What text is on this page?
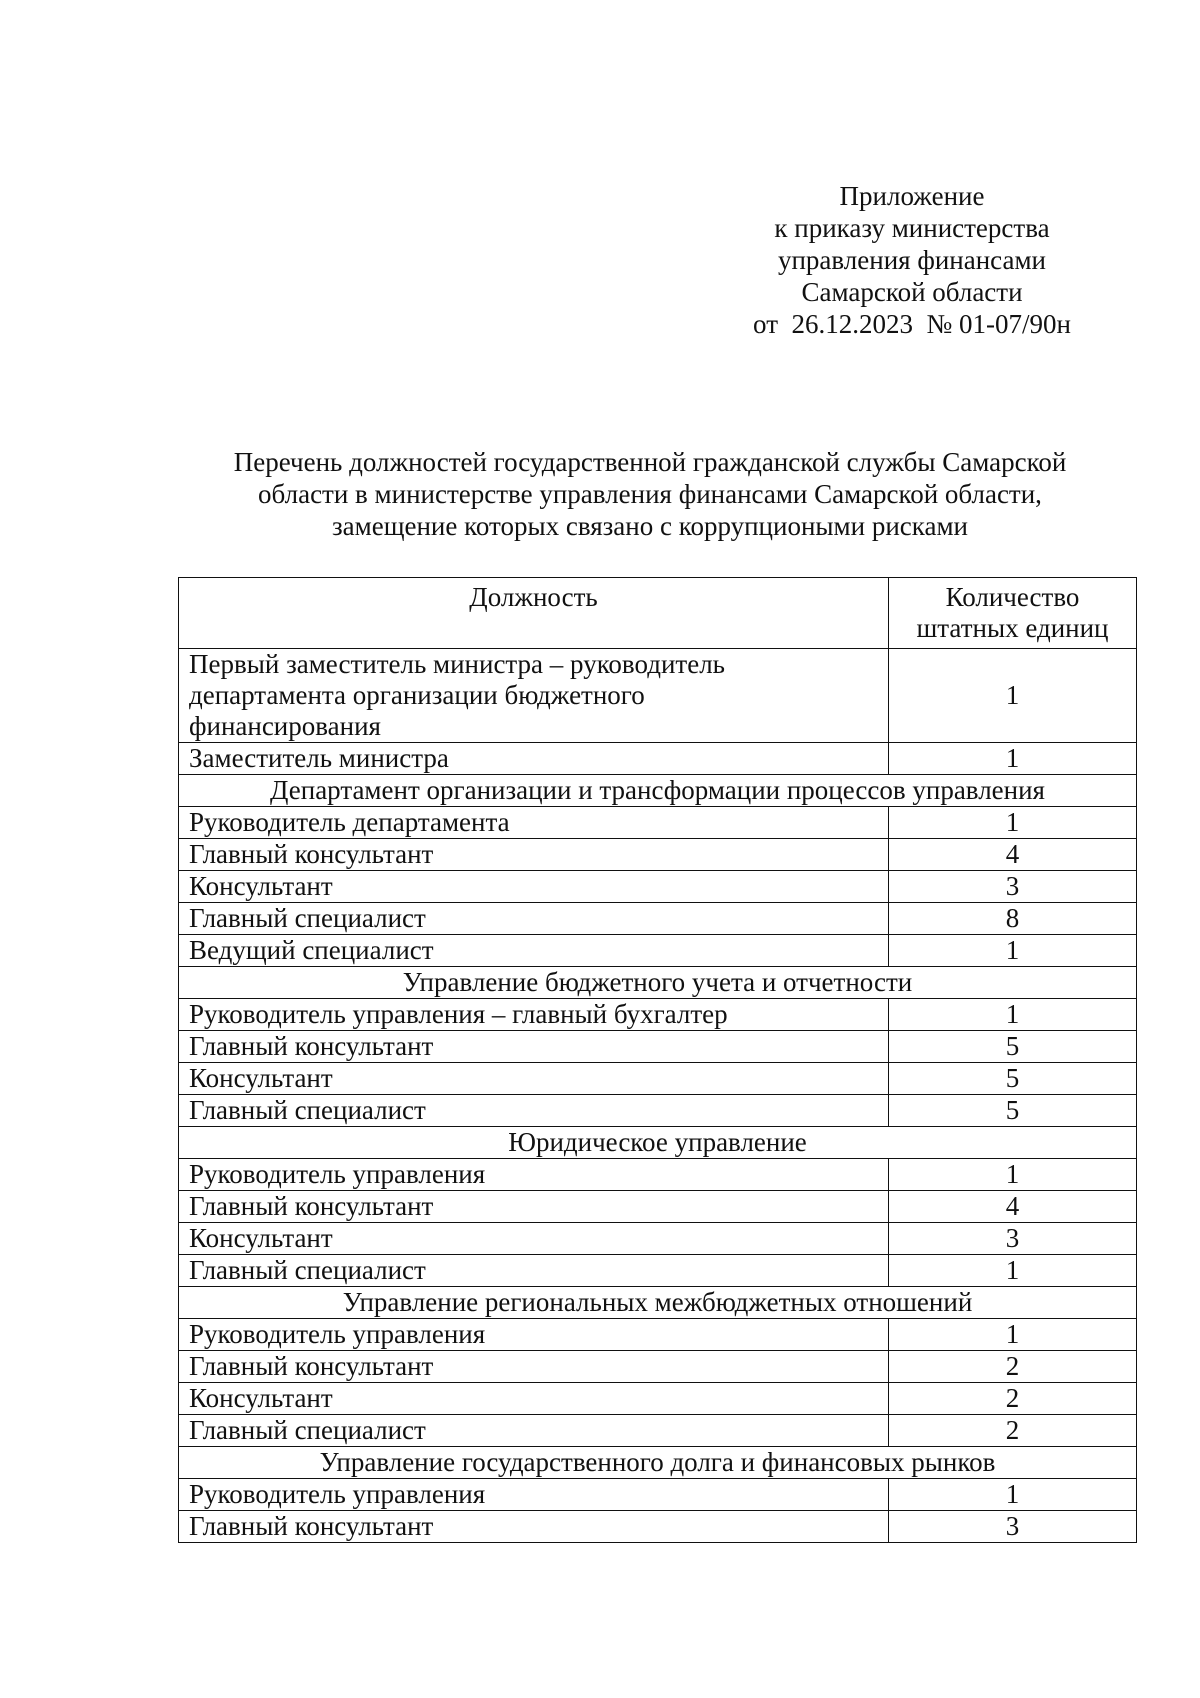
Приложение
к приказу министерства
управления финансами
Самарской области
от  26.12.2023  № 01-07/90н
Перечень должностей государственной гражданской службы Самарской
области в министерстве управления финансами Самарской области,
замещение которых связано с коррупциоными рисками
Должность	Количество
штатных единиц

Первый заместитель министра – руководитель
департамента организации бюджетного
финансирования	1
Заместитель министра	1
Департамент организации и трансформации процессов управления	
Руководитель департамента	1
Главный консультант	4
Консультант	3
Главный специалист	8
Ведущий специалист	1
Управление бюджетного учета и отчетности	
Руководитель управления – главный бухгалтер	1
Главный консультант	5
Консультант	5
Главный специалист	5
Юридическое управление	
Руководитель управления	1
Главный консультант	4
Консультант	3
Главный специалист	1
Управление региональных межбюджетных отношений	
Руководитель управления	1
Главный консультант	2
Консультант	2
Главный специалист	2
Управление государственного долга и финансовых рынков	
Руководитель управления	1
Главный консультант	3
